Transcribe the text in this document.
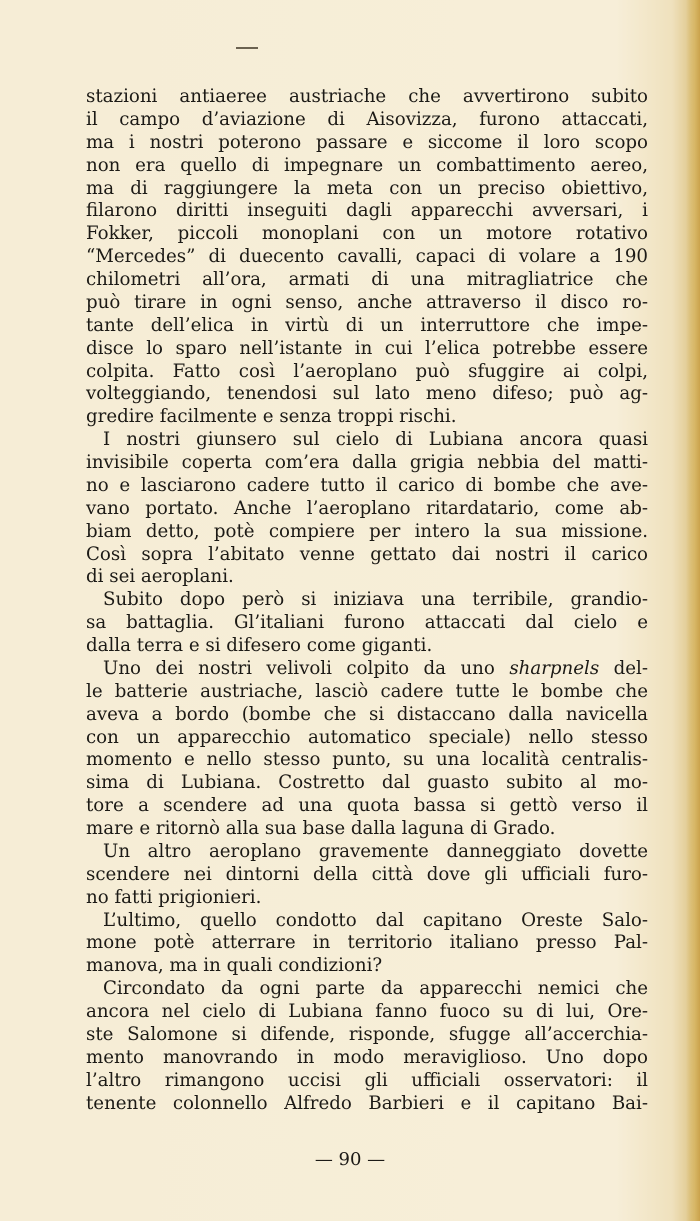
stazioni antiaeree austriache che avvertirono subito
il campo d’aviazione di Aisovizza, furono attaccati,
ma i nostri poterono passare e siccome il loro scopo
non era quello di impegnare un combattimento aereo,
ma di raggiungere la meta con un preciso obiettivo,
filarono diritti inseguiti dagli apparecchi avversari, i
Fokker, piccoli monoplani con un motore rotativo
“Mercedes” di duecento cavalli, capaci di volare a 190
chilometri all’ora, armati di una mitragliatrice che
può tirare in ogni senso, anche attraverso il disco ro-
tante dell’elica in virtù di un interruttore che impe-
disce lo sparo nell’istante in cui l’elica potrebbe essere
colpita. Fatto così l’aeroplano può sfuggire ai colpi,
volteggiando, tenendosi sul lato meno difeso; può ag-
gredire facilmente e senza troppi rischi.
I nostri giunsero sul cielo di Lubiana ancora quasi
invisibile coperta com’era dalla grigia nebbia del matti-
no e lasciarono cadere tutto il carico di bombe che ave-
vano portato. Anche l’aeroplano ritardatario, come ab-
biam detto, potè compiere per intero la sua missione.
Così sopra l’abitato venne gettato dai nostri il carico
di sei aeroplani.
Subito dopo però si iniziava una terribile, grandio-
sa battaglia. Gl’italiani furono attaccati dal cielo e
dalla terra e si difesero come giganti.
Uno dei nostri velivoli colpito da uno sharpnels del-
le batterie austriache, lasciò cadere tutte le bombe che
aveva a bordo (bombe che si distaccano dalla navicella
con un apparecchio automatico speciale) nello stesso
momento e nello stesso punto, su una località centralis-
sima di Lubiana. Costretto dal guasto subito al mo-
tore a scendere ad una quota bassa si gettò verso il
mare e ritornò alla sua base dalla laguna di Grado.
Un altro aeroplano gravemente danneggiato dovette
scendere nei dintorni della città dove gli ufficiali furo-
no fatti prigionieri.
L’ultimo, quello condotto dal capitano Oreste Salo-
mone potè atterrare in territorio italiano presso Pal-
manova, ma in quali condizioni?
Circondato da ogni parte da apparecchi nemici che
ancora nel cielo di Lubiana fanno fuoco su di lui, Ore-
ste Salomone si difende, risponde, sfugge all’accerchia-
mento manovrando in modo meraviglioso. Uno dopo
l’altro rimangono uccisi gli ufficiali osservatori: il
tenente colonnello Alfredo Barbieri e il capitano Bai-
— 90 —
